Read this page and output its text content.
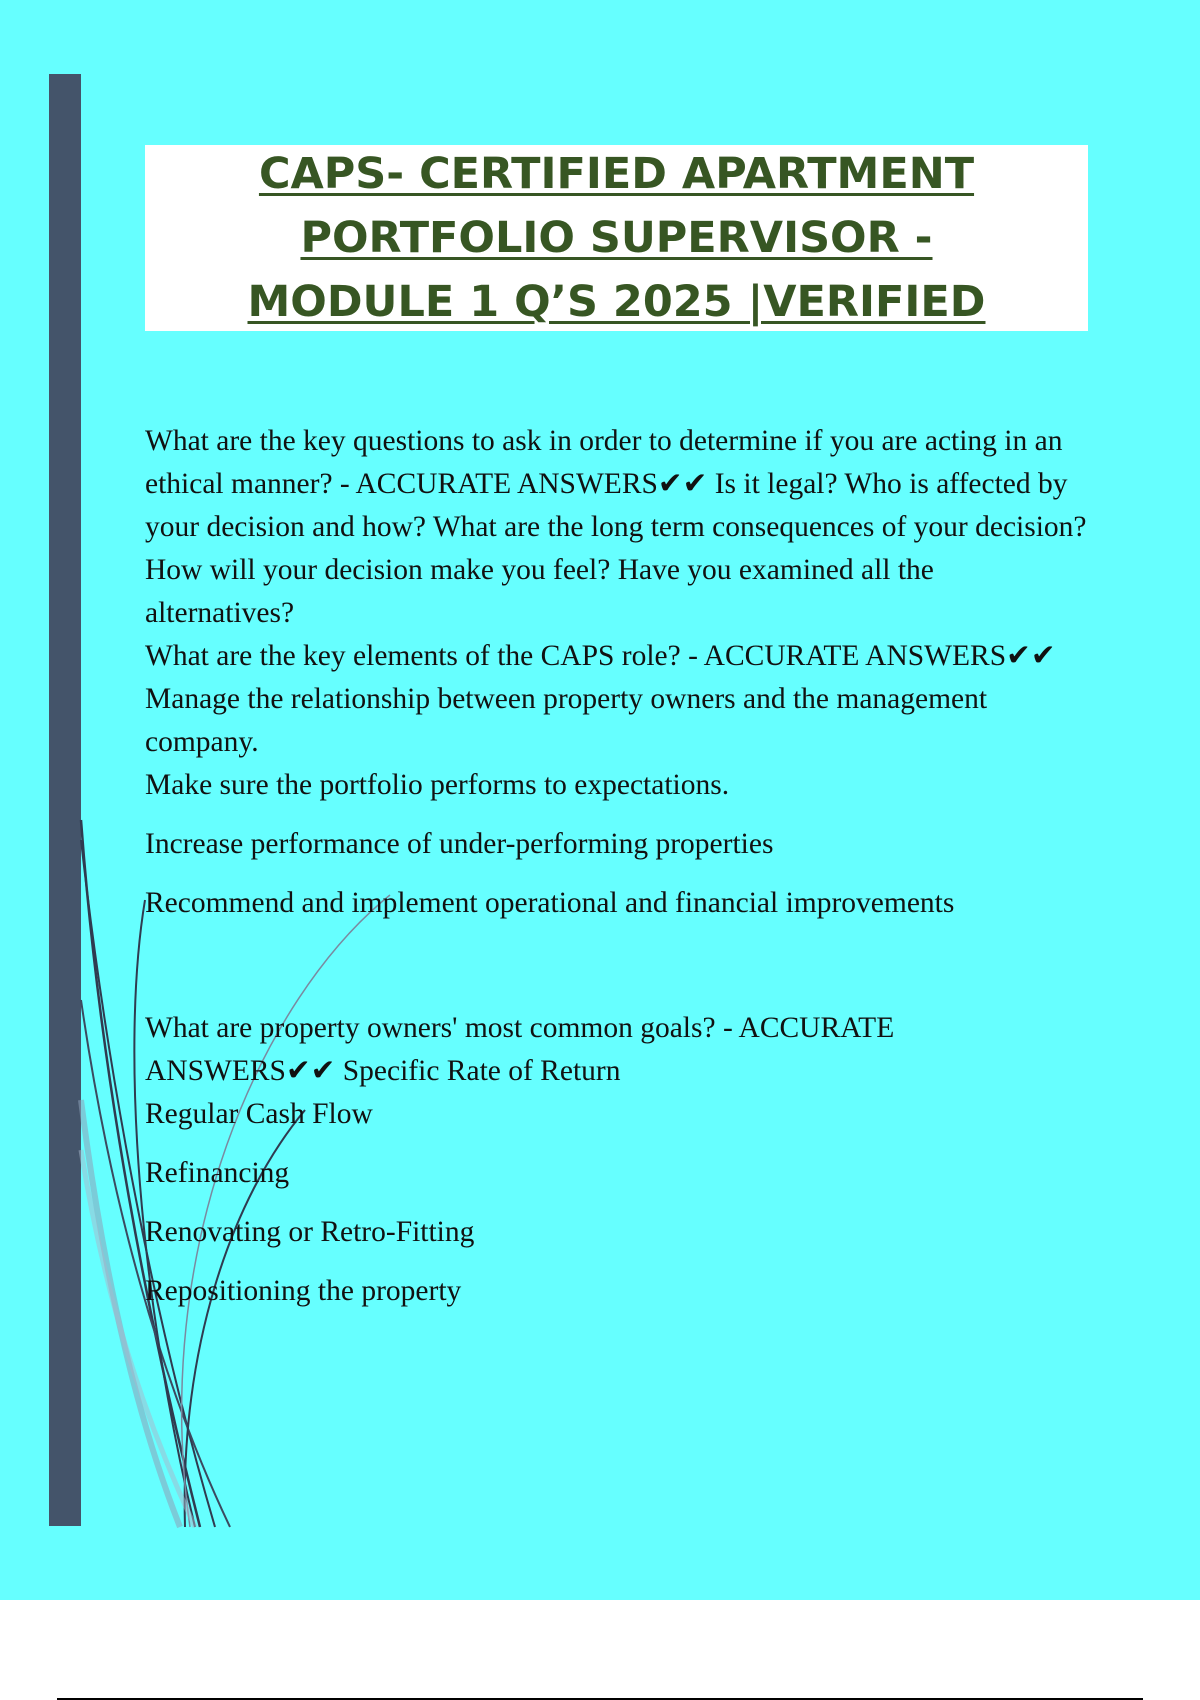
CAPS- CERTIFIED APARTMENT
PORTFOLIO SUPERVISOR -
MODULE 1 Q’S 2025 |VERIFIED

What are the key questions to ask in order to determine if you are acting in an ethical manner? - ACCURATE ANSWERS✔✔ Is it legal? Who is affected by your decision and how? What are the long term consequences of your decision? How will your decision make you feel? Have you examined all the alternatives?

What are the key elements of the CAPS role? - ACCURATE ANSWERS✔✔ Manage the relationship between property owners and the management company.

Make sure the portfolio performs to expectations.

Increase performance of under-performing properties

Recommend and implement operational and financial improvements

What are property owners' most common goals? - ACCURATE ANSWERS✔✔ Specific Rate of Return

Regular Cash Flow

Refinancing

Renovating or Retro-Fitting

Repositioning the property
